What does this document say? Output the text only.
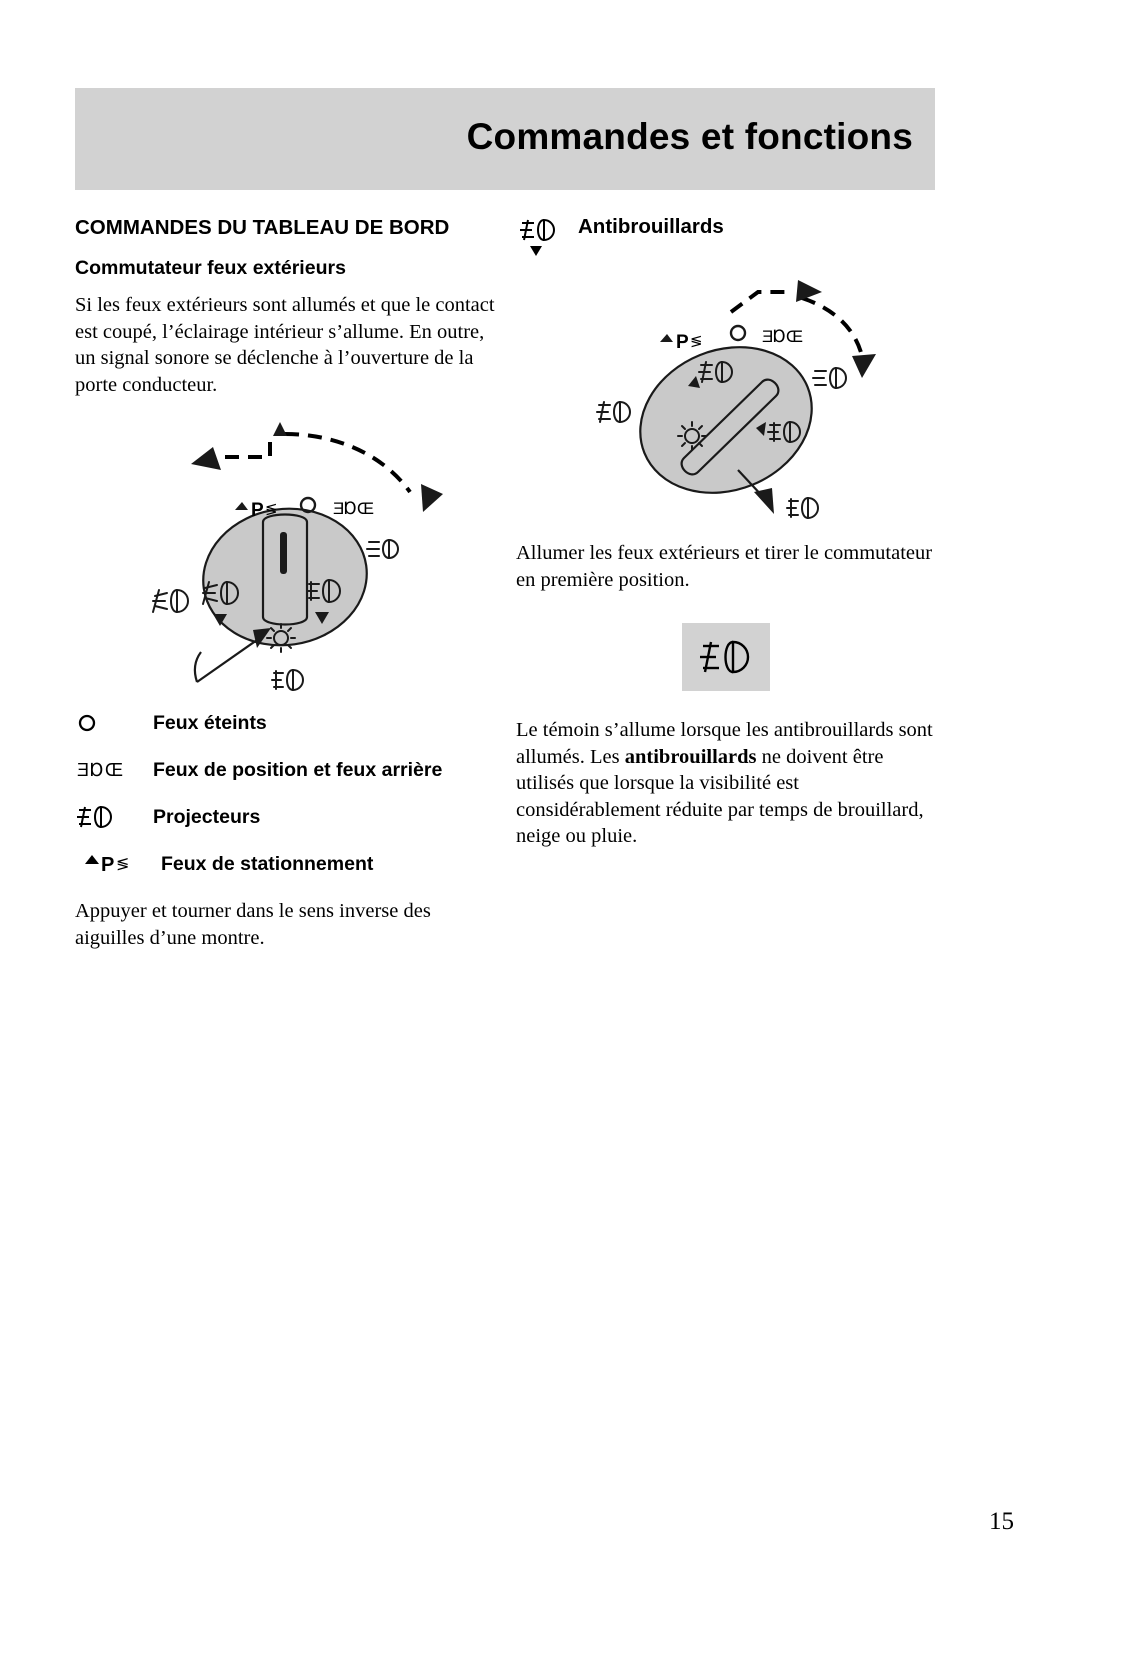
Commandes et fonctions
COMMANDES DU TABLEAU DE BORD
Commutateur feux extérieurs

Si les feux extérieurs sont allumés et que le contact est coupé, l’éclairage intérieur s’allume. En outre, un signal sonore se déclenche à l’ouverture de la porte conducteur.

P ≶	Ǝ Ɒ Œ
Feux éteints
Ǝ Ɒ Œ Feux de position et feux arrière
Projecteurs
P ≶ Feux de stationnement

Appuyer et tourner dans le sens inverse des aiguilles d’une montre.

Antibrouillards
P ≶	Ǝ Ɒ Œ

Allumer les feux extérieurs et tirer le commutateur en première position.

Le témoin s’allume lorsque les antibrouillards sont allumés. Les antibrouillards ne doivent être utilisés que lorsque la visibilité est considérablement réduite par temps de brouillard, neige ou pluie.

15
